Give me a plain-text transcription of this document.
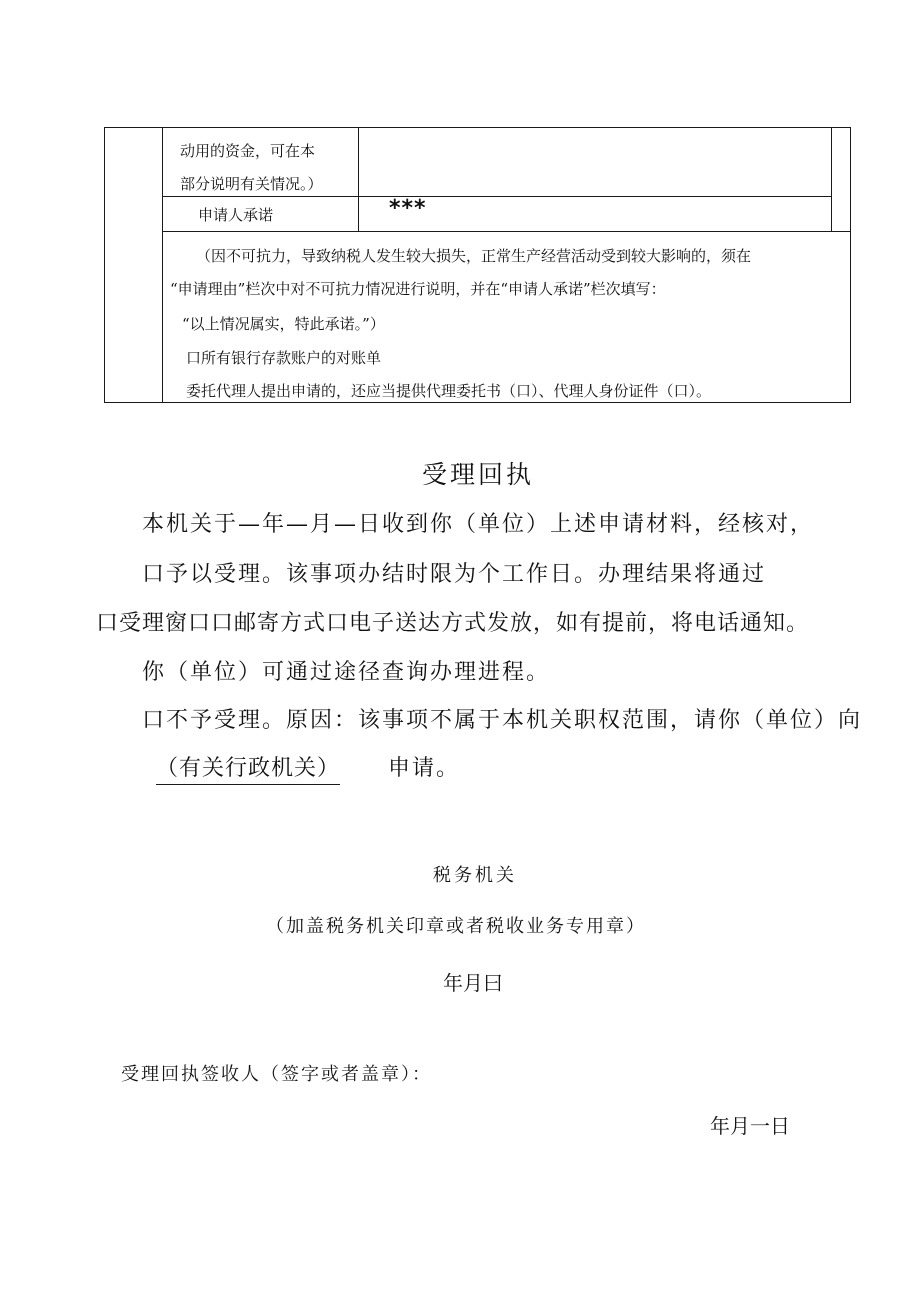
动用的资金，可在本
部分说明有关情况。）
申请人承诺	***
（因不可抗力，导致纳税人发生较大损失，正常生产经营活动受到较大影响的，须在
“申请理由”栏次中对不可抗力情况进行说明，并在“申请人承诺”栏次填写：
“以上情况属实，特此承诺。”）
口所有银行存款账户的对账单
委托代理人提出申请的，还应当提供代理委托书（口）、代理人身份证件（口）。
受理回执
本机关于—年—月—日收到你（单位）上述申请材料，经核对，
口予以受理。该事项办结时限为个工作日。办理结果将通过
口受理窗口口邮寄方式口电子送达方式发放，如有提前，将电话通知。
你（单位）可通过途径查询办理进程。
口不予受理。原因：该事项不属于本机关职权范围，请你（单位）向
（有关行政机关） 申请。
税务机关
（加盖税务机关印章或者税收业务专用章）
年月曰
受理回执签收人（签字或者盖章）：
年月一日
